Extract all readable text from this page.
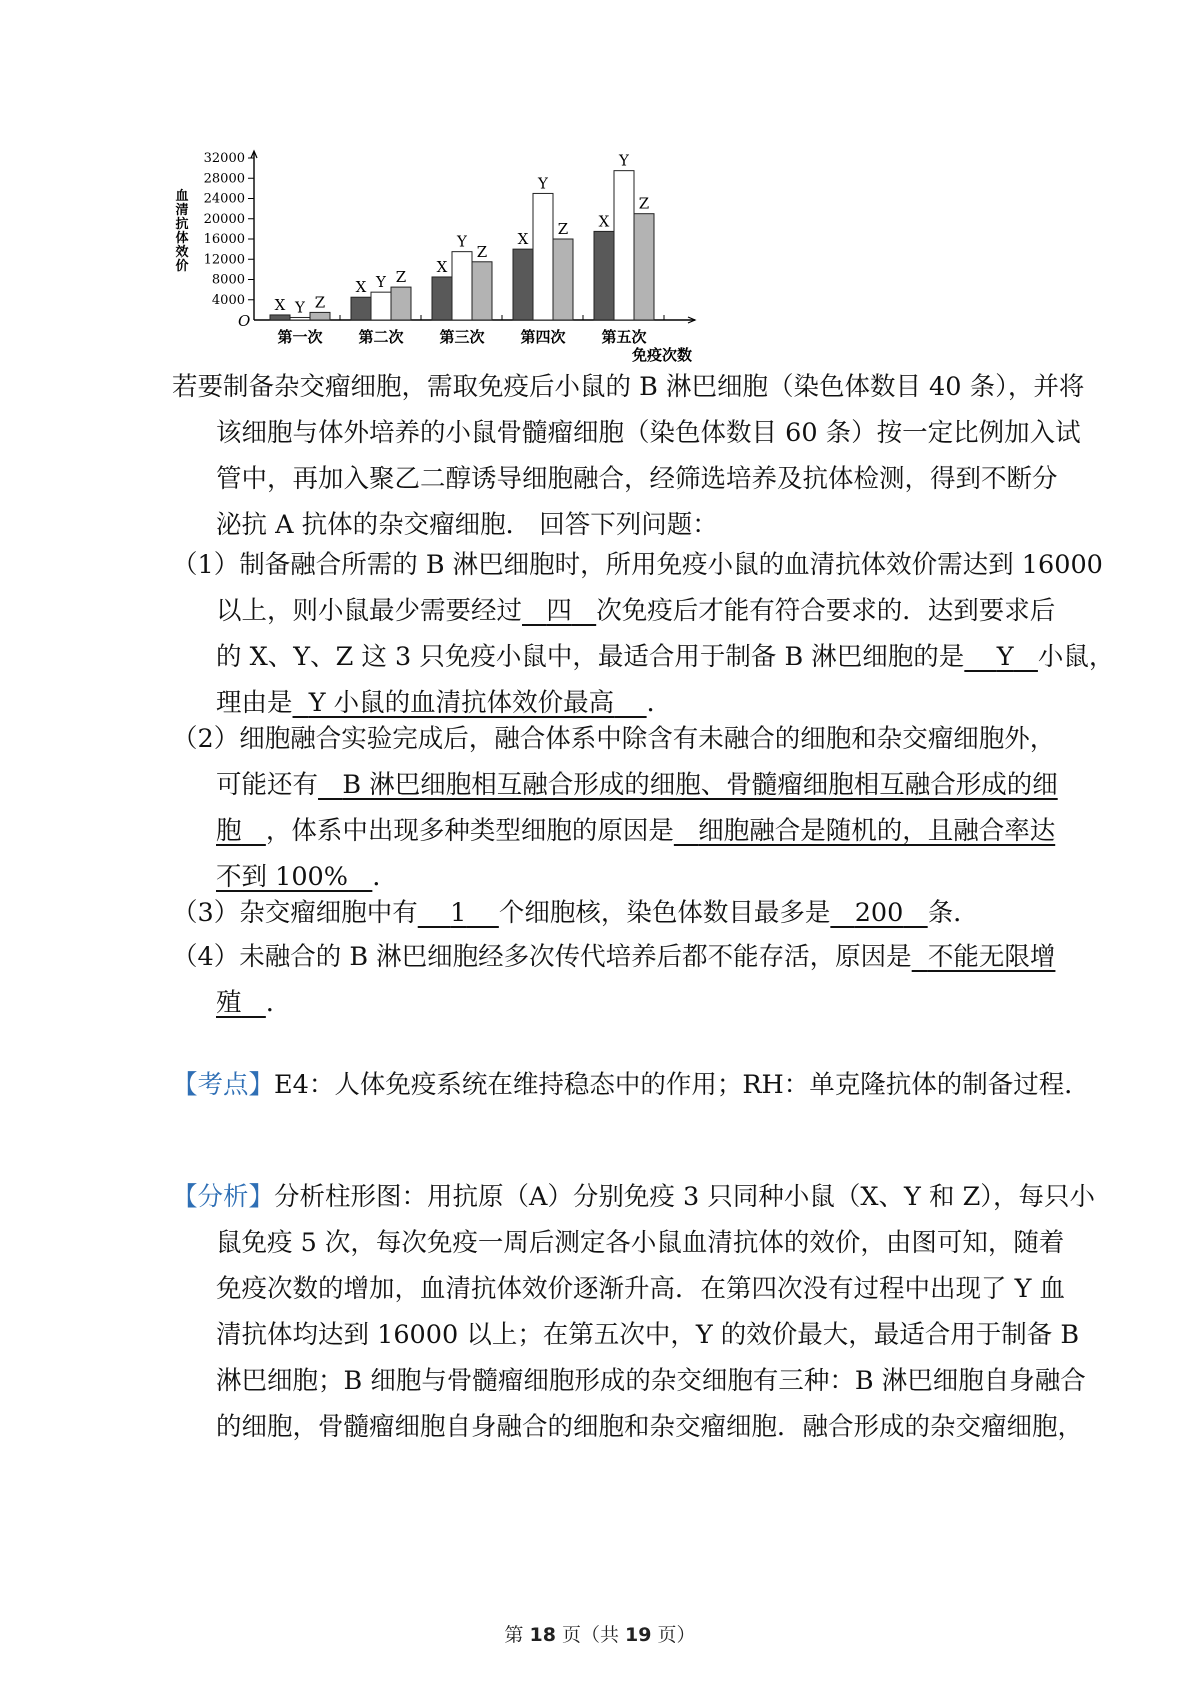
O
4000
8000
12000
16000
20000
24000
28000
32000
血
清
抗
体
效
价
X Y Z
第一次
X Y Z
第二次
X
Y
Z
第三次
X
Y
Z
第四次
X
Y
Z
第五次
免疫次数
若要制备杂交瘤细胞，需取免疫后小鼠的 B 淋巴细胞（染色体数目 40 条），并将
该细胞与体外培养的小鼠骨髓瘤细胞（染色体数目 60 条）按一定比例加入试
管中，再加入聚乙二醇诱导细胞融合，经筛选培养及抗体检测，得到不断分
泌抗 A 抗体的杂交瘤细胞． 回答下列问题：
（1）制备融合所需的 B 淋巴细胞时，所用免疫小鼠的血清抗体效价需达到 16000
以上，则小鼠最少需要经过 四 次免疫后才能有符合要求的．达到要求后
的 X、Y、Z 这 3 只免疫小鼠中，最适合用于制备 B 淋巴细胞的是 Y 小鼠，
理由是 Y 小鼠的血清抗体效价最高 ．
（2）细胞融合实验完成后，融合体系中除含有未融合的细胞和杂交瘤细胞外，
可能还有 B 淋巴细胞相互融合形成的细胞、骨髓瘤细胞相互融合形成的细
胞 ，体系中出现多种类型细胞的原因是 细胞融合是随机的，且融合率达
不到 100% ．
（3）杂交瘤细胞中有 1 个细胞核，染色体数目最多是 200 条．
（4）未融合的 B 淋巴细胞经多次传代培养后都不能存活，原因是 不能无限增
殖 ．
【考点】E4：人体免疫系统在维持稳态中的作用；RH：单克隆抗体的制备过程．
【分析】分析柱形图：用抗原（A）分别免疫 3 只同种小鼠（X、Y 和 Z），每只小
鼠免疫 5 次，每次免疫一周后测定各小鼠血清抗体的效价，由图可知，随着
免疫次数的增加，血清抗体效价逐渐升高．在第四次没有过程中出现了 Y 血
清抗体均达到 16000 以上；在第五次中，Y 的效价最大，最适合用于制备 B
淋巴细胞；B 细胞与骨髓瘤细胞形成的杂交细胞有三种：B 淋巴细胞自身融合
的细胞，骨髓瘤细胞自身融合的细胞和杂交瘤细胞．融合形成的杂交瘤细胞，
第 18 页（共 19 页）
